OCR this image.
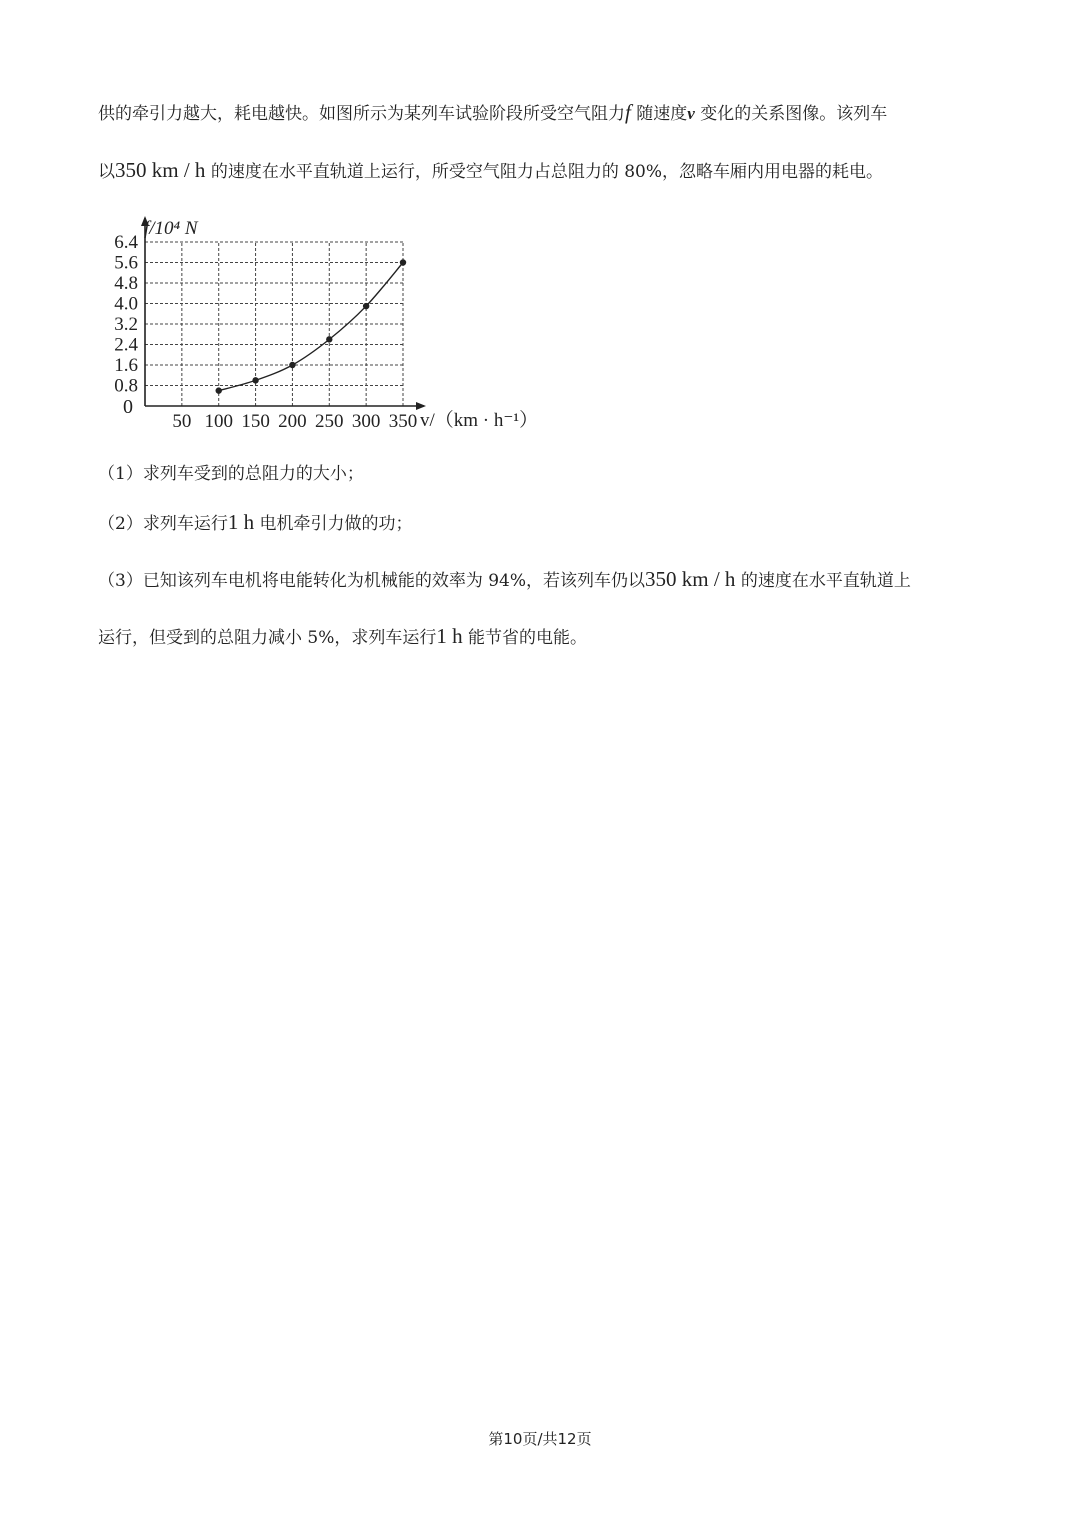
供的牵引力越大，耗电越快。如图所示为某列车试验阶段所受空气阻力f 随速度v 变化的关系图像。该列车
以350 km / h 的速度在水平直轨道上运行，所受空气阻力占总阻力的 80%，忽略车厢内用电器的耗电。
0.8
1.6
2.4
3.2
4.0
4.8
5.6
6.4
50 100 150 200 250 300 350
f/10⁴ N
v/（km · h⁻¹）
0
（1）求列车受到的总阻力的大小；
（2）求列车运行1 h 电机牵引力做的功；
（3）已知该列车电机将电能转化为机械能的效率为 94%，若该列车仍以350 km / h 的速度在水平直轨道上
运行，但受到的总阻力减小 5%，求列车运行1 h 能节省的电能。
第10页/共12页
